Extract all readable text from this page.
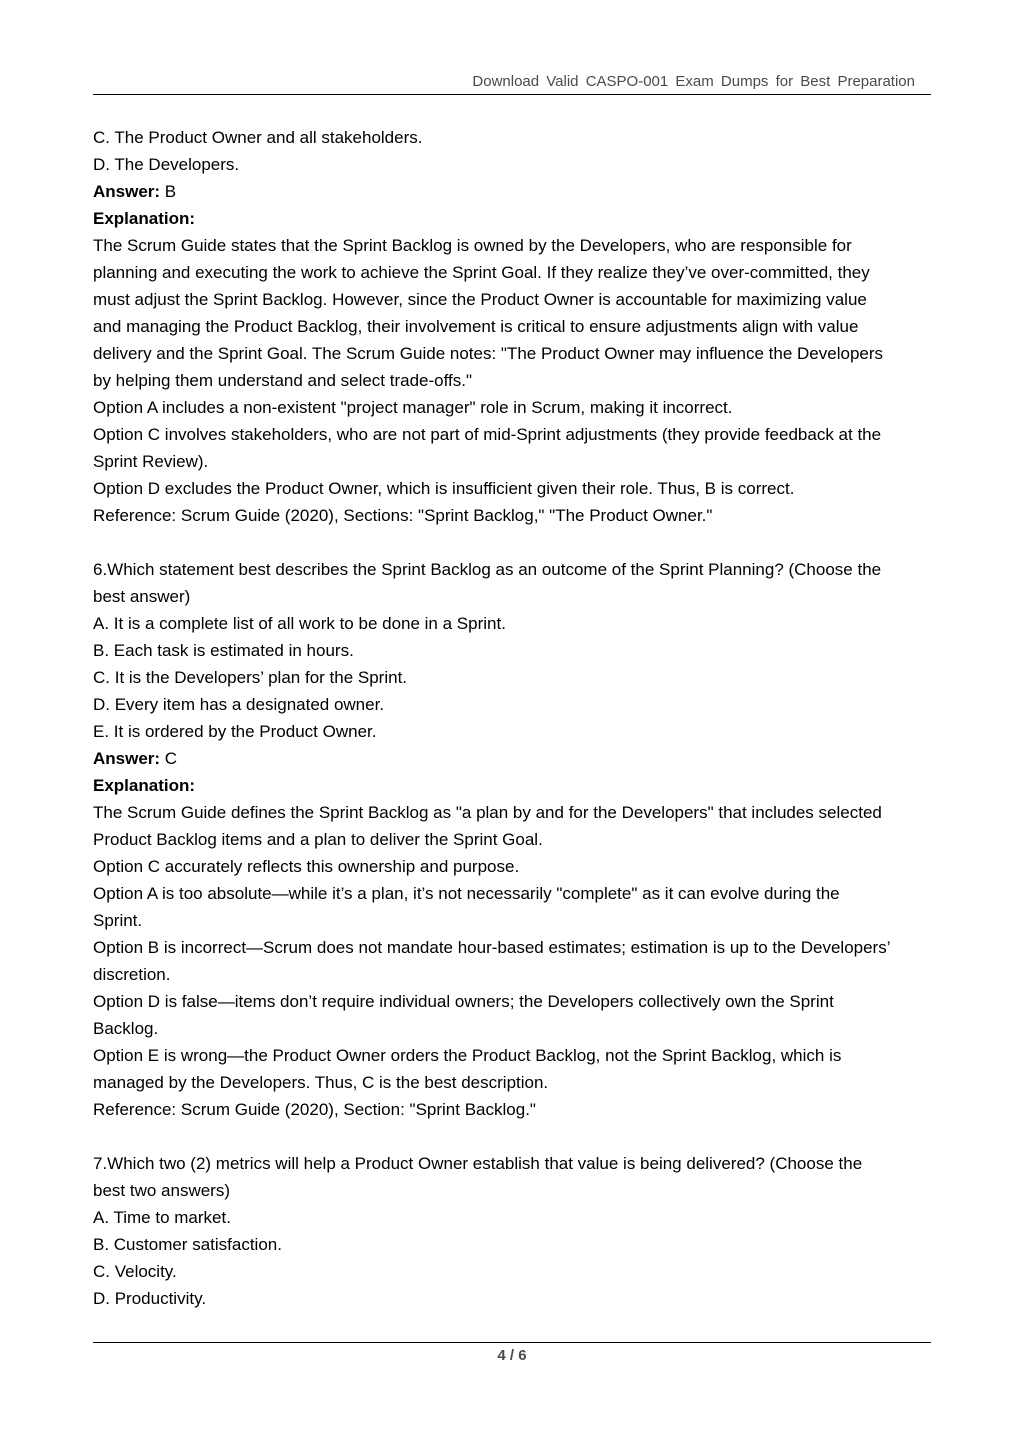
Download Valid CASPO-001 Exam Dumps for Best Preparation

C. The Product Owner and all stakeholders.

D. The Developers.

Answer: B

Explanation:

The Scrum Guide states that the Sprint Backlog is owned by the Developers, who are responsible for

planning and executing the work to achieve the Sprint Goal. If they realize they’ve over-committed, they

must adjust the Sprint Backlog. However, since the Product Owner is accountable for maximizing value

and managing the Product Backlog, their involvement is critical to ensure adjustments align with value

delivery and the Sprint Goal. The Scrum Guide notes: "The Product Owner may influence the Developers

by helping them understand and select trade-offs."

Option A includes a non-existent "project manager" role in Scrum, making it incorrect.

Option C involves stakeholders, who are not part of mid-Sprint adjustments (they provide feedback at the

Sprint Review).

Option D excludes the Product Owner, which is insufficient given their role. Thus, B is correct.

Reference: Scrum Guide (2020), Sections: "Sprint Backlog," "The Product Owner."

6.Which statement best describes the Sprint Backlog as an outcome of the Sprint Planning? (Choose the

best answer)

A. It is a complete list of all work to be done in a Sprint.

B. Each task is estimated in hours.

C. It is the Developers’ plan for the Sprint.

D. Every item has a designated owner.

E. It is ordered by the Product Owner.

Answer: C

Explanation:

The Scrum Guide defines the Sprint Backlog as "a plan by and for the Developers" that includes selected

Product Backlog items and a plan to deliver the Sprint Goal.

Option C accurately reflects this ownership and purpose.

Option A is too absolute—while it’s a plan, it’s not necessarily "complete" as it can evolve during the

Sprint.

Option B is incorrect—Scrum does not mandate hour-based estimates; estimation is up to the Developers’

discretion.

Option D is false—items don’t require individual owners; the Developers collectively own the Sprint

Backlog.

Option E is wrong—the Product Owner orders the Product Backlog, not the Sprint Backlog, which is

managed by the Developers. Thus, C is the best description.

Reference: Scrum Guide (2020), Section: "Sprint Backlog."

7.Which two (2) metrics will help a Product Owner establish that value is being delivered? (Choose the

best two answers)

A. Time to market.

B. Customer satisfaction.

C. Velocity.

D. Productivity.

4 / 6
